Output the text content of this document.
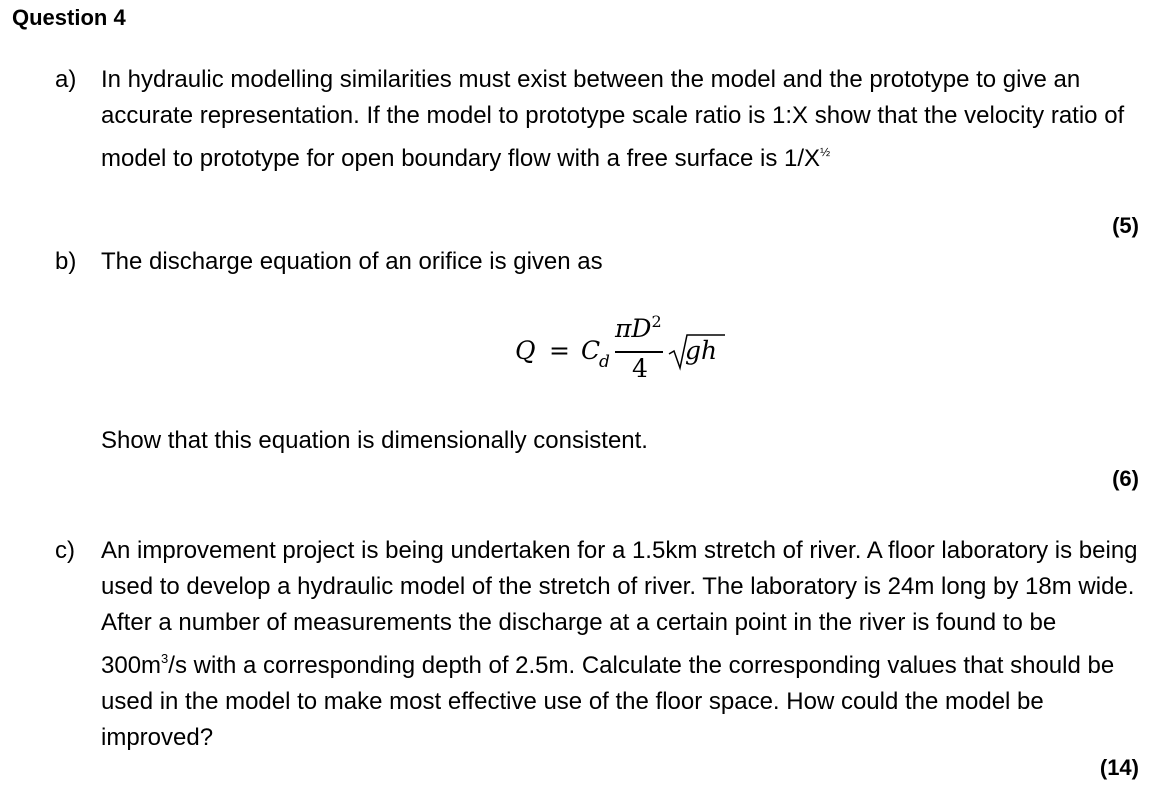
Question 4
a) In hydraulic modelling similarities must exist between the model and the prototype to give an accurate representation. If the model to prototype scale ratio is 1:X show that the velocity ratio of model to prototype for open boundary flow with a free surface is $1/X^{\frac{1}{2}}$
(5)
b) The discharge equation of an orifice is given as
Q = C
d
$\pi D^2$
4
gh
Show that this equation is dimensionally consistent.
(6)
c) An improvement project is being undertaken for a 1.5km stretch of river. A floor laboratory is being used to develop a hydraulic model of the stretch of river. The laboratory is 24m long by 18m wide. After a number of measurements the discharge at a certain point in the river is found to be $300m^3/s$ with a corresponding depth of 2.5m. Calculate the corresponding values that should be used in the model to make most effective use of the floor space. How could the model be improved?
(14)
